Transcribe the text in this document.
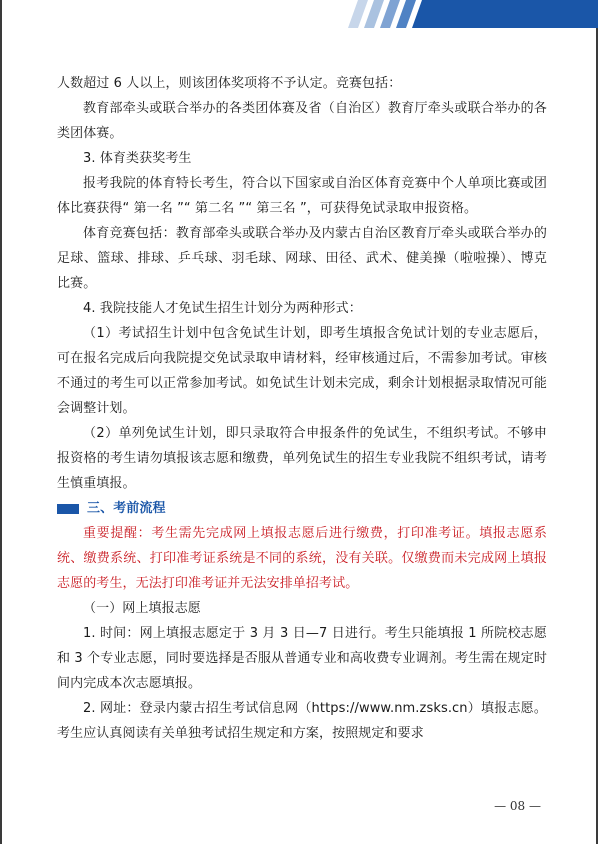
人数超过 6 人以上，则该团体奖项将不予认定。竞赛包括：

教育部牵头或联合举办的各类团体赛及省（自治区）教育厅牵头或联合举办的各类团体赛。

3. 体育类获奖考生

报考我院的体育特长考生，符合以下国家或自治区体育竞赛中个人单项比赛或团体比赛获得“ 第一名 ”“ 第二名 ”“ 第三名 ”，可获得免试录取申报资格。

体育竞赛包括：教育部牵头或联合举办及内蒙古自治区教育厅牵头或联合举办的足球、篮球、排球、乒乓球、羽毛球、网球、田径、武术、健美操（啦啦操）、博克比赛。

4. 我院技能人才免试生招生计划分为两种形式：

（1）考试招生计划中包含免试生计划，即考生填报含免试计划的专业志愿后，可在报名完成后向我院提交免试录取申请材料，经审核通过后，不需参加考试。审核不通过的考生可以正常参加考试。如免试生计划未完成，剩余计划根据录取情况可能会调整计划。

（2）单列免试生计划，即只录取符合申报条件的免试生，不组织考试。不够申报资格的考生请勿填报该志愿和缴费，单列免试生的招生专业我院不组织考试，请考生慎重填报。

三、考前流程

重要提醒：考生需先完成网上填报志愿后进行缴费，打印准考证。填报志愿系统、缴费系统、打印准考证系统是不同的系统，没有关联。仅缴费而未完成网上填报志愿的考生，无法打印准考证并无法安排单招考试。

（一）网上填报志愿

1. 时间：网上填报志愿定于 3 月 3 日—7 日进行。考生只能填报 1 所院校志愿和 3 个专业志愿，同时要选择是否服从普通专业和高收费专业调剂。考生需在规定时间内完成本次志愿填报。

2. 网址：登录内蒙古招生考试信息网（https://www.nm.zsks.cn）填报志愿。考生应认真阅读有关单独考试招生规定和方案，按照规定和要求

— 08 —
